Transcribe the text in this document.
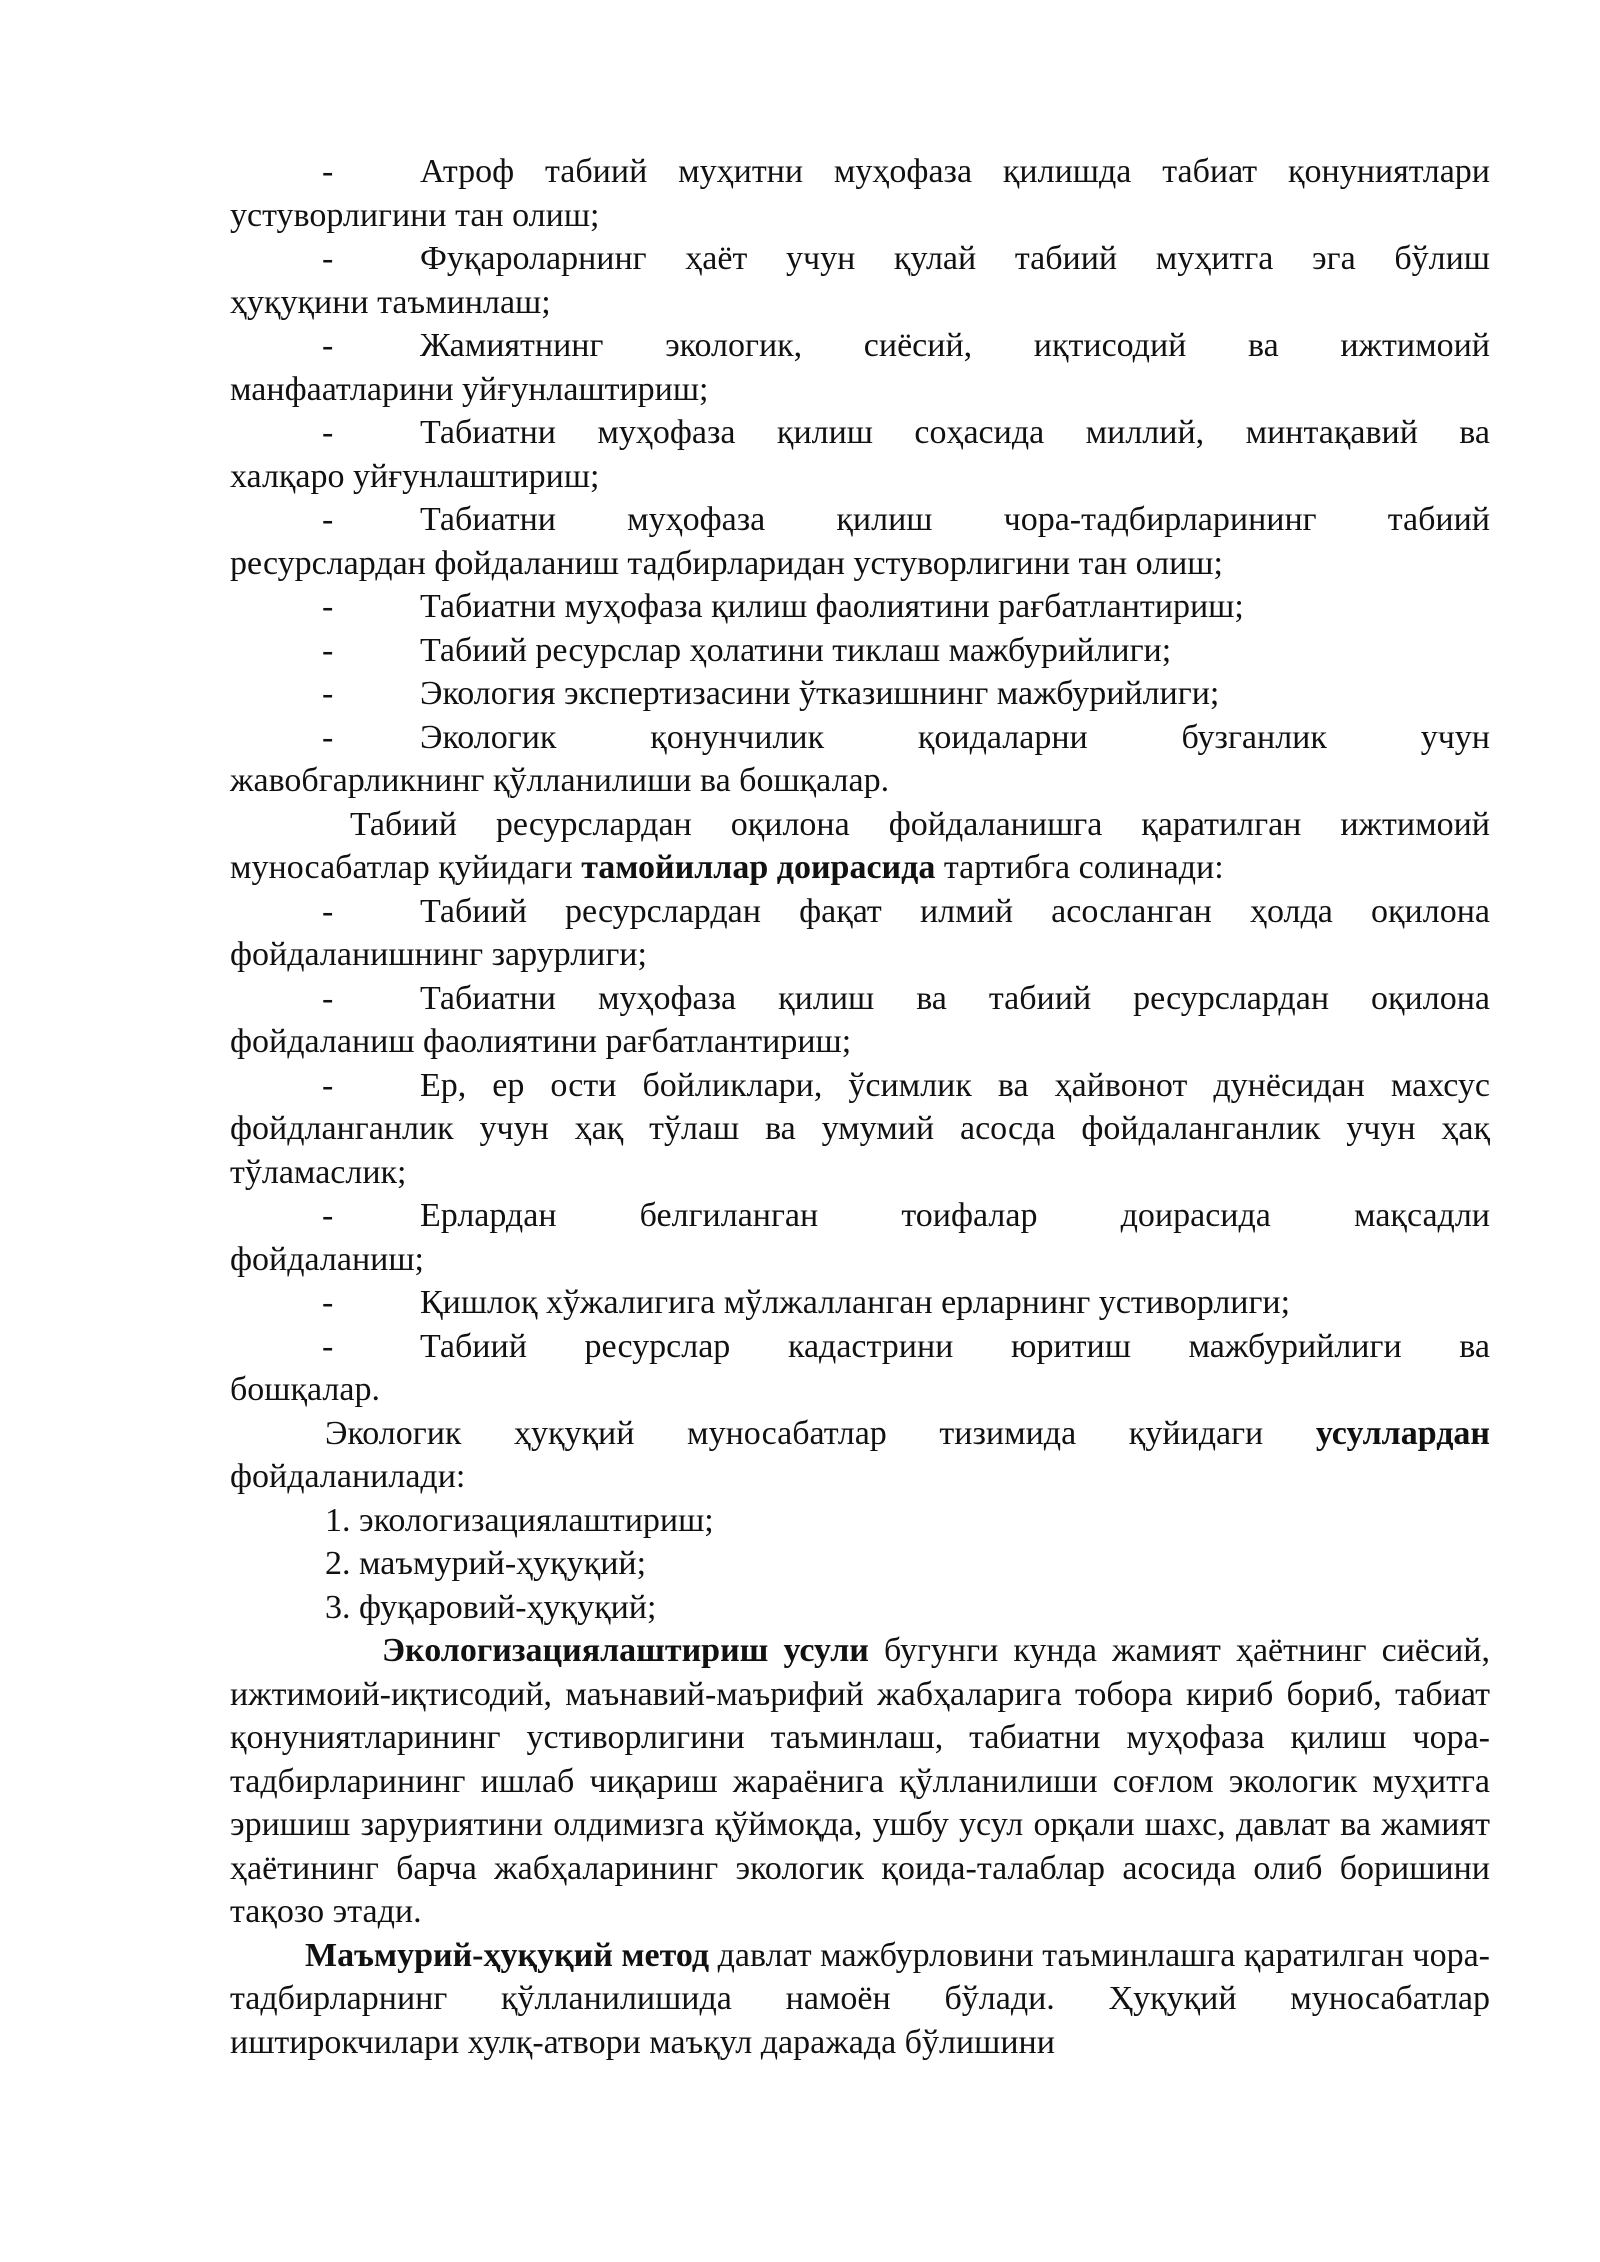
-	Атроф табиий муҳитни муҳофаза қилишда табиат қонуниятлари
устуворлигини тан олиш;
-	Фуқароларнинг ҳаёт учун қулай табиий муҳитга эга бўлиш
ҳуқуқини таъминлаш;
-	Жамиятнинг экологик, сиёсий, иқтисодий ва ижтимоий
манфаатларини уйғунлаштириш;
-	Табиатни муҳофаза қилиш соҳасида миллий, минтақавий ва
халқаро уйғунлаштириш;
-	Табиатни муҳофаза қилиш чора-тадбирларининг табиий
ресурслардан фойдаланиш тадбирларидан устуворлигини тан олиш;
-	Табиатни муҳофаза қилиш фаолиятини рағбатлантириш;
-	Табиий ресурслар ҳолатини тиклаш мажбурийлиги;
-	Экология экспертизасини ўтказишнинг мажбурийлиги;
-	Экологик қонунчилик қоидаларни бузганлик учун
жавобгарликнинг қўлланилиши ва бошқалар.
Табиий ресурслардан оқилона фойдаланишга қаратилган ижтимоий муносабатлар қуйидаги тамойиллар доирасида тартибга солинади:
-	Табиий ресурслардан фақат илмий асосланган ҳолда оқилона
фойдаланишнинг зарурлиги;
-	Табиатни муҳофаза қилиш ва табиий ресурслардан оқилона
фойдаланиш фаолиятини рағбатлантириш;
-	Ер, ер ости бойликлари, ўсимлик ва ҳайвонот дунёсидан махсус
фойдланганлик учун ҳақ тўлаш ва умумий асосда фойдаланганлик учун ҳақ тўламаслик;
-	Ерлардан белгиланган тоифалар доирасида мақсадли
фойдаланиш;
-	Қишлоқ хўжалигига мўлжалланган ерларнинг устиворлиги;
-	Табиий ресурслар кадастрини юритиш мажбурийлиги ва
бошқалар.
Экологик ҳуқуқий муносабатлар тизимида қуйидаги усуллардан фойдаланилади:
1. экологизациялаштириш;
2. маъмурий-ҳуқуқий;
3. фуқаровий-ҳуқуқий;
Экологизациялаштириш усули бугунги кунда жамият ҳаётнинг сиёсий, ижтимоий-иқтисодий, маънавий-маърифий жабҳаларига тобора кириб бориб, табиат қонуниятларининг устиворлигини таъминлаш, табиатни муҳофаза қилиш чора-тадбирларининг ишлаб чиқариш жараёнига қўлланилиши соғлом экологик муҳитга эришиш заруриятини олдимизга қўймоқда, ушбу усул орқали шахс, давлат ва жамият ҳаётининг барча жабҳаларининг экологик қоида-талаблар асосида олиб боришини тақозо этади.
Маъмурий-ҳуқуқий метод давлат мажбурловини таъминлашга қаратилган чора-тадбирларнинг қўлланилишида намоён бўлади. Ҳуқуқий муносабатлар иштирокчилари хулқ-атвори маъқул даражада бўлишини
